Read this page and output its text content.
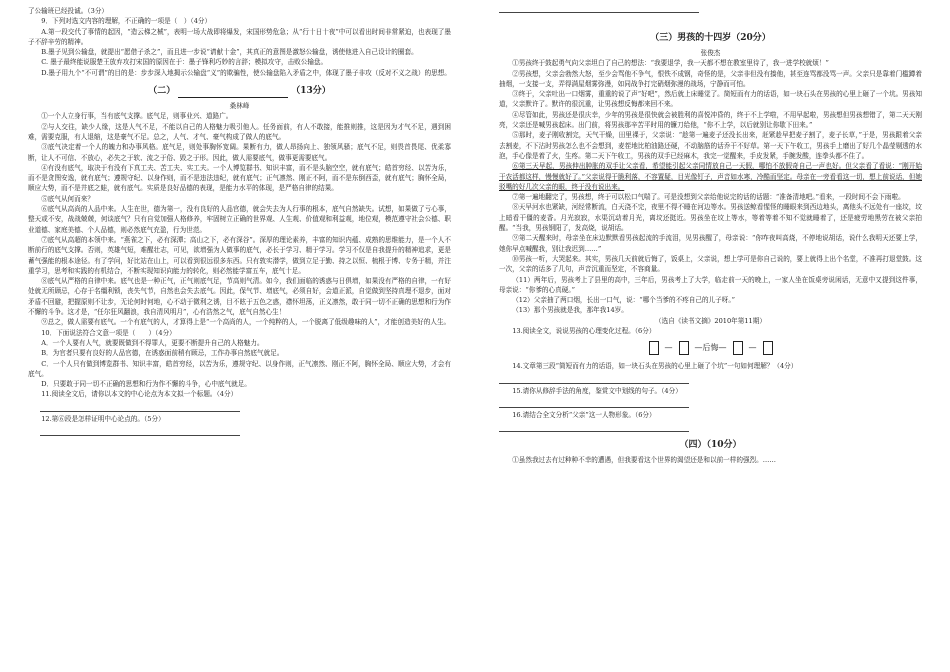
了公输班已经投诚。（3分）

9．下列对选文内容的理解，不正确的一项是（　）（4分）

A.第一段交代了事情的起因，“造云梯之械”，表明一场大战即将爆发，宋国形势危急；从“行十日十夜”中可以看出时间非常紧迫，也表现了墨子不辞辛劳的精神。

B.墨子见到公输盘，就提出“愿借子杀之”，而且进一步说“请献十金”，其真正的意图是激怒公输盘，诱使他进入自己设计的圈套。

C. 墨子最终能说服楚王放弃攻打宋国的原因在于：墨子锋利巧妙的言辞；模拟攻守，击败公输盘。

D.墨子用九个“不可谓”的目的是：步步深入地揭示公输盘“义”的欺骗性，使公输盘陷入矛盾之中，体现了墨子非攻（反对不义之战）的思想。

（二）	（13分）

桑林峰

①一个人立身行事，当有底气支撑。底气足，则事业兴、道路广。

②与人交往，缺少人缘，这是人气不足，不能以自己的人格魅力吸引他人。任务面前，有人不敢接，能推则推，这是因为才气不足，遇到困难，需要克服，有人退缩，这是豪气不足。总之，人气、才气、豪气构成了做人的底气。

③底气决定着一个人的魄力和办事风格。底气足，则处事胸怀宽阔。果断有力，做人昂扬向上、独领风骚；底气不足，则畏首畏尾、优柔寡断，让人不可信、不放心，必失之于软、流之于俗、毁之于形。因此，做人需要底气，做事更需要底气。

④有没有底气，取决于有没有下真工夫、苦工夫、实工夫。一个人博览群书、知识丰富，而不是头脑空空，就有底气；皓首穷经、以苦为乐，而不是贪图安逸，就有底气；遵规守纪、以身作则，而不是违法违纪，就有底气；正气凛然、刚正不阿，而不是东倒西歪，就有底气；胸怀全局，顺应大势，而不是井底之蛙，就有底气。实质是良好品德的表现，是能力水平的体现，是严格自律的结果。

⑤底气从何而来？

⑥底气从高尚的人品中来。人生在世，德为第一，没有良好的人品官德，就会失去为人行事的根本，底气自然缺失。试想，如果做了亏心事，整天或不安，战战兢兢，何谈底气？只有自觉加强人格修养，牢固树立正确的世界观、人生观、价值观和利益观，地位观，模范遵守社会公德、职业道德、家庭美德、个人品德，则必然底气充盈，行为世范。

⑦底气从高超的本领中来。“燕雀之下，必有深潭；高山之下，必有深谷”。深厚的理论素养，丰富的知识内蕴、成熟的思维能力，是一个人不断前行的底气支撑。否则，英雄气短，难醒壮志，可见，欲增强为人做事的底气，必长于学习、精于学习。学习不仅是自我提升的精神追求，更是蓄气强能的根本途径。有了学问，好比站在山上，可以看到很远很多东西。只有敦实潜学，做到立足于勤、持之以恒、梳根于博、专务于精，并注重学习，思考和实践的有机结合，不断实现知识向能力的转化，则必然能学富五车，底气十足。

⑧底气从严格的自律中来。底气也是一种正气，正气则底气足，节高则气清。如今，我们面临的诱惑与日俱增，如果没有严格的自律，一有好处就无所顾忌，心存于名缰利锁，丧失气节，自然也会失去底气。因此，保气节、增底气，必须自好，会道正派，自觉做到坚持真理不退步，面对矛盾不回避，把握原则不让步，无论何时何地，心不动于微利之诱，目不眩于五色之惑，襟怀坦荡，正义凛然，敢于同一切不正确的思想和行为作不懈的斗争。这才是，“任尔狂风翻浪，我自清风明月”，心有浩然之气，底气自然心生！

⑨总之，做人需要有底气。一个有底气的人，才算得上是“一个高尚的人，一个纯粹的人，一个脱离了低级趣味的人”，才能创造美好的人生。

10．下面说法符合文意一项是（　　）（4分）

A．一个人要有人气，就要既做到不得罪人，更要不断提升自己的人格魅力。

B．为官者只要有良好的人品官德，在诱惑面前稍有顾忌，工作办事自然底气就足。

C．一个人只有做到博览群书、知识丰富，皓首穷经，以苦为乐，遵规守纪、以身作则，正气凛然、刚正不阿，胸怀全局、顺应大势，才会有底气。

D．只要敢于同一切不正确的思想和行为作不懈的斗争，心中底气就足。

11.阅读全文后，请你以本文的中心论点为本文拟一个标题。（4分）

12.第⑥段是怎样证明中心论点的。（5分）

（三）男孩的十四岁（20分）

张俊杰

①男孩终于鼓起勇气向父亲坦白了自己的想法：“我要退学，我一天都不想在教室里待了，我一进学校就烦！”

②男孩想，父亲会勃然大怒，至少会骂他不争气，恨铁不成钢，奇怪的是，父亲非但没有揍他，甚至连骂都没骂一声。父亲只是靠着门槛蹲着抽烟，一支接一支，弄得满屋烟雾弥漫，如同战争打完硝烟弥漫的战场，宁静而可怕。

③终于，父亲吐出一口烟雾，重重的说了声“好吧”，然后就上床睡觉了。简短而有力的话语，如一块石头在男孩的心里上砸了一个坑。男孩知道，父亲默许了。默许的很沉重，让男孩想反悔都来回不来。

④尽管如此，男孩还是很庆幸，少年的男孩是很快就会被胜利的喜悦冲昏的，终于不上学啦，不用早起啦，男孩想但男孩想错了，第二天天刚亮，父亲还是喊男孩起床。出门前，将男孩那辛苦平时用的镰刀给他，“你不上学，以后就别让你歇下田来。”

⑤那时，麦子刚收割完，天气干燥，田里裸于，父亲说：“趁第一遍麦子还没长出来，赶紧趁早把麦子割了，麦子长草，”于是，男孩跟着父亲去割麦，不下沾时男孩怎么也不会想到，麦茬地比柏油路还硬，不动脑筋的话乔干不好草。第一天下午收工，男孩手上磨出了好几个晶莹剔透的水泡，手心像是着了火，生疼。第二天下午收工，男孩的双手已经麻木，我完一觉醒来，手皮发紧，手腕发酸，连拳头都不住了。

⑥第三天早起，男孩伸出肿胀的双手让父亲看，希望能引起父亲同情放自己一天假，哪怕不放假奇自己一声也好。但父亲看了看说：“刚开始干农活都这样，慢慢就好了。”父亲说得干脆利落，不容置疑，目光像钉子，声音如水寒，冷酷而坚定。母亲在一旁看看这一切，想上前说话，但她驳嘴的好几次父亲的眼，终于没有说出来。

⑦第一遍地翻完了，男孩想，终于可以松口气喘了。可是没想到父亲给他说完的话的话题：“准备清地吧。”看来，一段时间不会下雨啦。

⑧天早河水也紧缺，河经常断流，白天浇不完，夜里不得不睡在河边等水。男孩送鲸看惺怪的睡眼来到西边地头，离他头不远处有一座坟，坟上暗看干僵的麦香。月光寂寂，水渠沉动着月光，离坟还挺近。男孩坐在坟上等水，等着等着不知不觉就睡着了，还是疲劳地黑劳在被父亲拍醒。“当我，男孩钢阳了，发高烧，说胡话。

⑨第二天醒来时，母亲坐在床边默默看男孩起流的手流泪，见男孩醒了，母亲说：“你咋夜叫高烧，不停地说胡话，说什么我明天还要上学，她你早点喊醒我，别让我迟到……”

⑩男孩一听，大哭起来。其实，男孩几天前就后悔了，饭桌上，父亲说，想上学可是你自己说的，要上就得上出个名堂，不准再打退堂鼓。这一次，父亲的话多了几句，声音沉重而坚定，不容商量。

（11）两年后，男孩考上了县里的高中，三年后，男孩考上了大学，临走前一天的晚上，一家人坐在饭桌旁说闲话，无意中又提到这件事，母亲说：“你爹的心真硬。”

（12）父亲抽了两口烟，长出一口气，说：“哪个当爹的不疼自己的儿子呀。”

（13）那个男孩就是我，那年我14岁。

（选自《读书文摘》2010年第11期）

13.阅读全文，说说男孩的心理变化过程。（6分）

—	—后悔—	—

14.文章第三段“简短而有力的话语，如一块石头在男孩的心里上砸了个坑”一句如何理解？（4分）

15.请你从修辞手法的角度，鉴赏文中划线的句子。（4分）

16.请结合全文分析“父亲”这一人物形象。（6分）

（四）（10分）

①虽然我过去有过种种不幸的遭遇，但我要看这个世界的渴望还是和以前一样的强烈。……
